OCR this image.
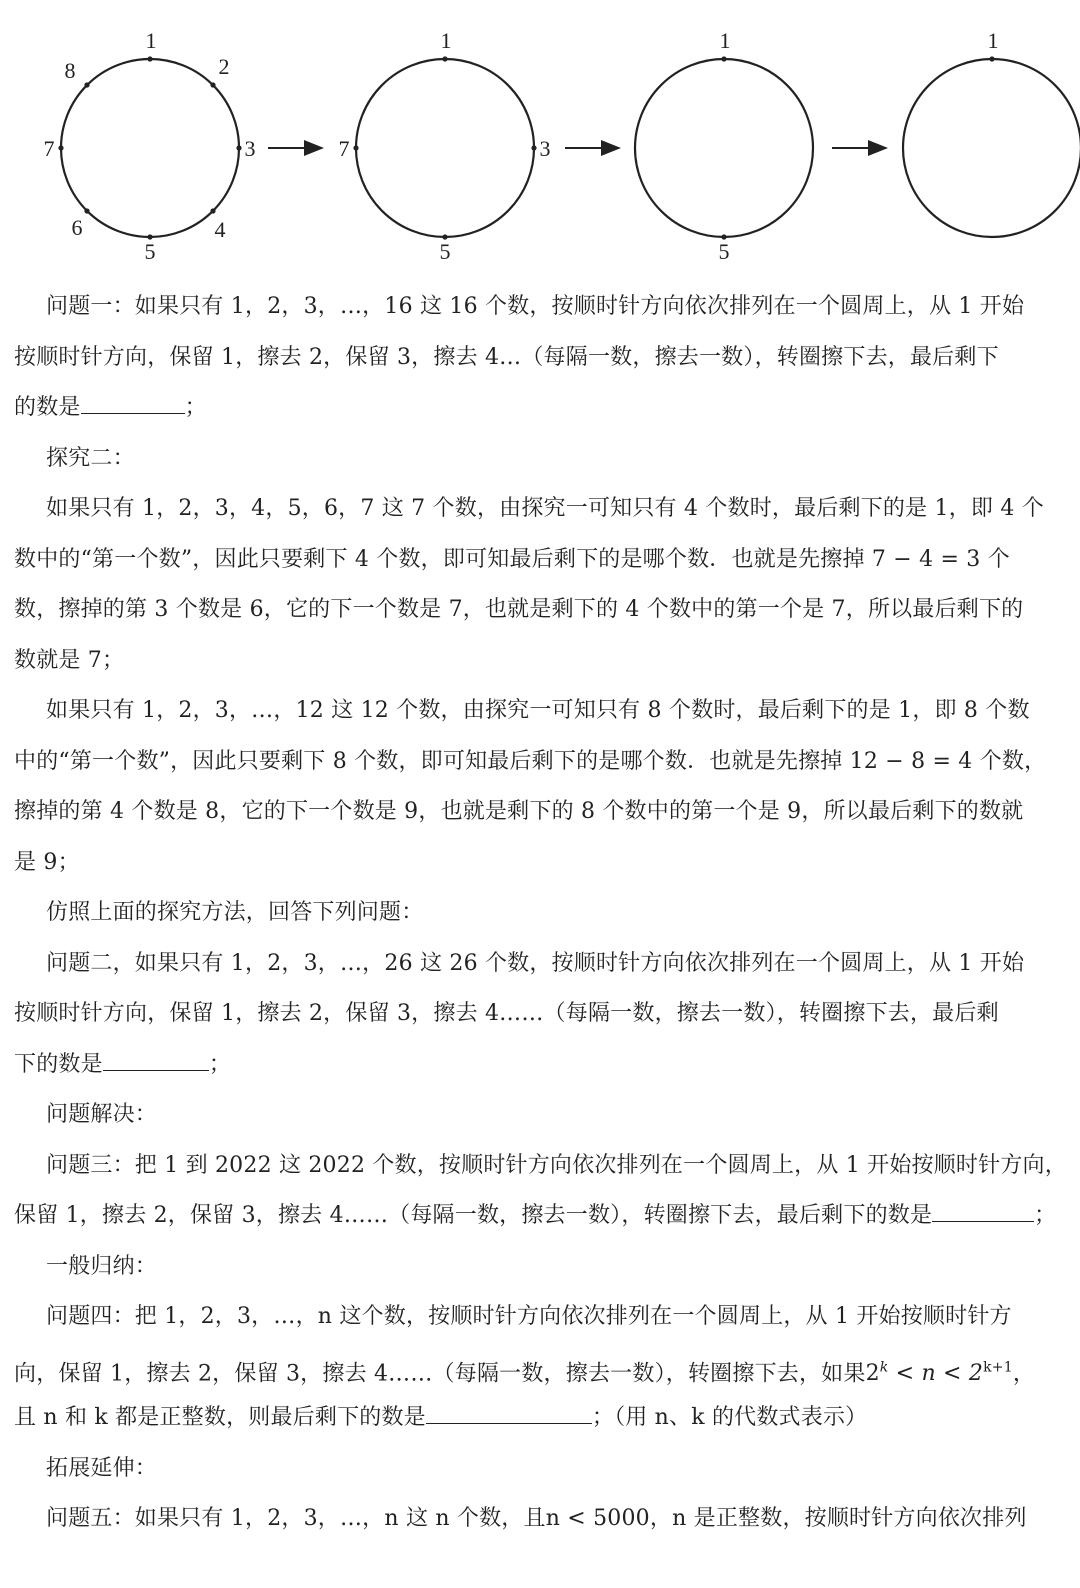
1
2
3
4
5
6
7
8
1
3
5
7
1
5
1
问题一：如果只有 1，2，3，…，16 这 16 个数，按顺时针方向依次排列在一个圆周上，从 1 开始
按顺时针方向，保留 1，擦去 2，保留 3，擦去 4…（每隔一数，擦去一数），转圈擦下去，最后剩下
的数是	；
探究二：
如果只有 1，2，3，4，5，6，7 这 7 个数，由探究一可知只有 4 个数时，最后剩下的是 1，即 4 个
数中的“第一个数”，因此只要剩下 4 个数，即可知最后剩下的是哪个数．也就是先擦掉 7 − 4 = 3 个
数，擦掉的第 3 个数是 6，它的下一个数是 7，也就是剩下的 4 个数中的第一个是 7，所以最后剩下的
数就是 7；
如果只有 1，2，3，…，12 这 12 个数，由探究一可知只有 8 个数时，最后剩下的是 1，即 8 个数
中的“第一个数”，因此只要剩下 8 个数，即可知最后剩下的是哪个数．也就是先擦掉 12 − 8 = 4 个数，
擦掉的第 4 个数是 8，它的下一个数是 9，也就是剩下的 8 个数中的第一个是 9，所以最后剩下的数就
是 9；
仿照上面的探究方法，回答下列问题：
问题二，如果只有 1，2，3，…，26 这 26 个数，按顺时针方向依次排列在一个圆周上，从 1 开始
按顺时针方向，保留 1，擦去 2，保留 3，擦去 4……（每隔一数，擦去一数），转圈擦下去，最后剩
下的数是	；
问题解决：
问题三：把 1 到 2022 这 2022 个数，按顺时针方向依次排列在一个圆周上，从 1 开始按顺时针方向，
保留 1，擦去 2，保留 3，擦去 4……（每隔一数，擦去一数），转圈擦下去，最后剩下的数是	；
一般归纳：
问题四：把 1，2，3，…，n 这个数，按顺时针方向依次排列在一个圆周上，从 1 开始按顺时针方
向，保留 1，擦去 2，保留 3，擦去 4……（每隔一数，擦去一数），转圈擦下去，如果$2^k < n < 2^{k+1}$，
且 n 和 k 都是正整数，则最后剩下的数是	；（用 n、k 的代数式表示）
拓展延伸：
问题五：如果只有 1，2，3，…，n 这 n 个数，且n < 5000，n 是正整数，按顺时针方向依次排列
